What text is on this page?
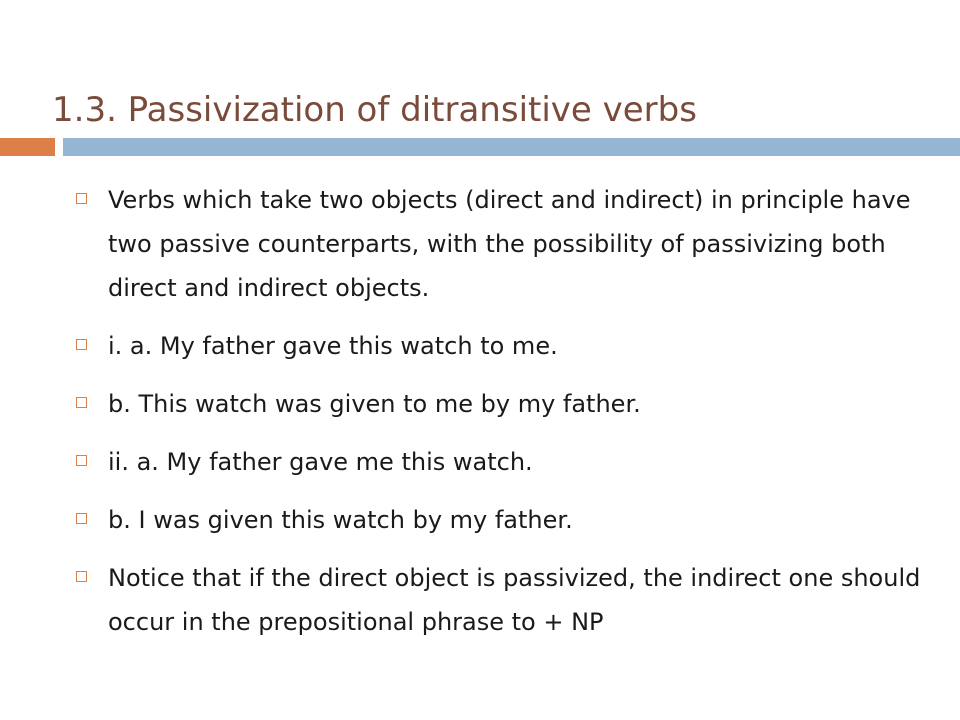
1.3. Passivization of ditransitive verbs
Verbs which take two objects (direct and indirect) in principle have two passive counterparts, with the possibility of passivizing both direct and indirect objects.
i. a. My father gave this watch to me.
b. This watch was given to me by my father.
ii. a. My father gave me this watch.
b. I was given this watch by my father.
Notice that if the direct object is passivized, the indirect one should occur in the prepositional phrase to + NP
